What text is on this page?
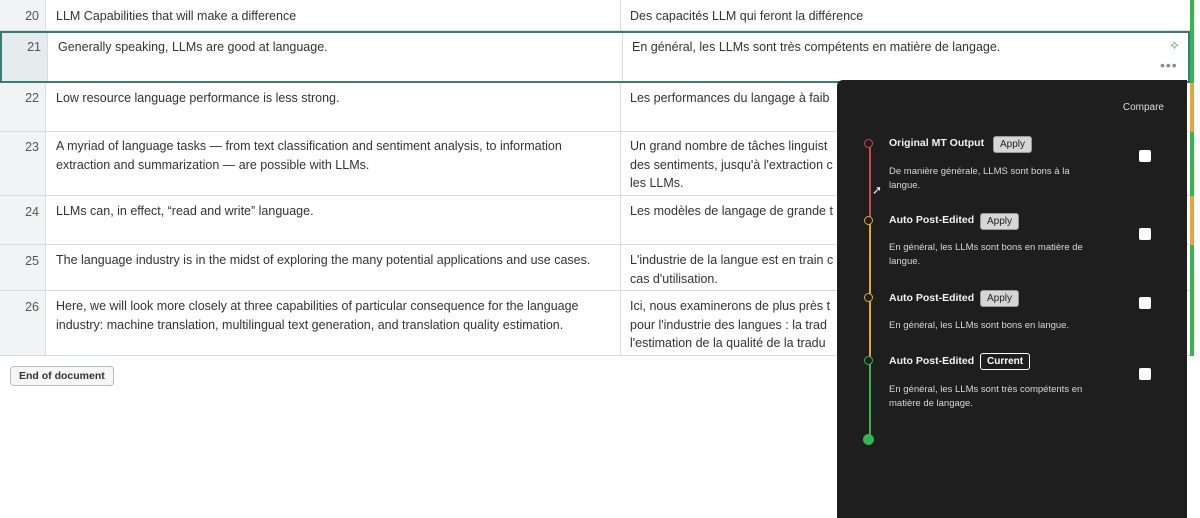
20	LLM Capabilities that will make a difference	Des capacités LLM qui feront la différence
21	Generally speaking, LLMs are good at language.	En général, les LLMs sont très compétents en matière de langage.
22	Low resource language performance is less strong.	Les performances du langage à faib
23	A myriad of language tasks — from text classification and sentiment analysis, to information extraction and summarization — are possible with LLMs.
Un grand nombre de tâches linguist
des sentiments, jusqu'à l'extraction c
les LLMs.
24	LLMs can, in effect, “read and write” language.	Les modèles de langage de grande t
25	The language industry is in the midst of exploring the many potential applications and use cases.	L'industrie de la langue est en train c
cas d'utilisation.
26	Here, we will look more closely at three capabilities of particular consequence for the language industry: machine translation, multilingual text generation, and translation quality estimation.
Ici, nous examinerons de plus près t
pour l'industrie des langues : la trad
l'estimation de la qualité de la tradu
✧
•••
End of document
Compare
Original MT Output	Apply
De manière générale, LLMS sont bons à la langue.
➚
Auto Post-Edited	Apply
En général, les LLMs sont bons en matière de langue.
Auto Post-Edited	Apply
En général, les LLMs sont bons en langue.
Auto Post-Edited	Current
En général, les LLMs sont très compétents en matière de langage.
